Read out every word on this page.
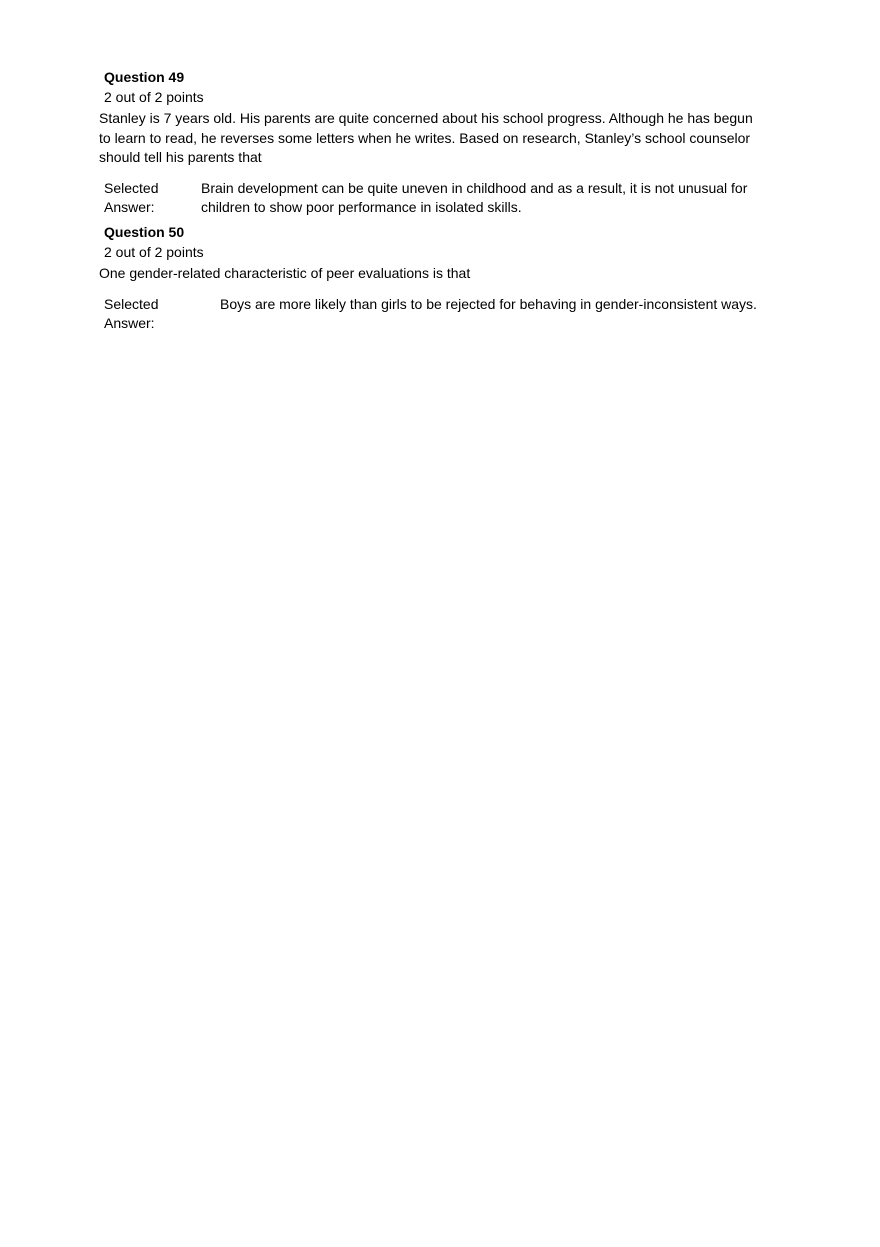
Question 49
2 out of 2 points

Stanley is 7 years old. His parents are quite concerned about his school progress. Although he has begun to learn to read, he reverses some letters when he writes. Based on research, Stanley’s school counselor should tell his parents that

Selected
Answer:
Brain development can be quite uneven in childhood and as a result, it is not unusual for children to show poor performance in isolated skills.
Question 50
2 out of 2 points

One gender-related characteristic of peer evaluations is that

Selected
Answer:
Boys are more likely than girls to be rejected for behaving in gender-inconsistent ways.
